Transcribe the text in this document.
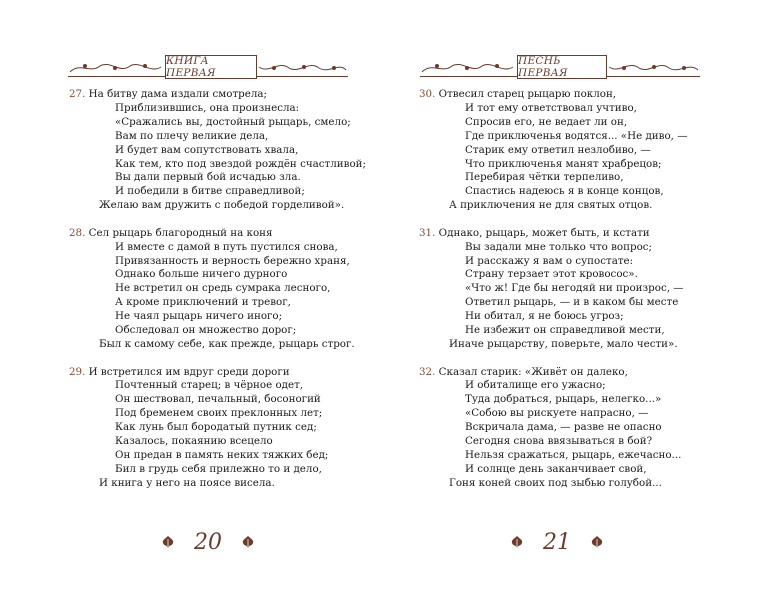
КНИГА ПЕРВАЯ
27. На битву дама издали смотрела;
Приблизившись, она произнесла:
«Сражались вы, достойный рыцарь, смело;
Вам по плечу великие дела,
И будет вам сопутствовать хвала,
Как тем, кто под звездой рождён счастливой;
Вы дали первый бой исчадью зла.
И победили в битве справедливой;
Желаю вам дружить с победой горделивой».
28. Сел рыцарь благородный на коня
И вместе с дамой в путь пустился снова,
Привязанность и верность бережно храня,
Однако больше ничего дурного
Не встретил он средь сумрака лесного,
А кроме приключений и тревог,
Не чаял рыцарь ничего иного;
Обследовал он множество дорог;
Был к самому себе, как прежде, рыцарь строг.
29. И встретился им вдруг среди дороги
Почтенный старец; в чёрное одет,
Он шествовал, печальный, босоногий
Под бременем своих преклонных лет;
Как лунь был бородатый путник сед;
Казалось, покаянию всецело
Он предан в память неких тяжких бед;
Бил в грудь себя прилежно то и дело,
И книга у него на поясе висела.
20
ПЕСНЬ ПЕРВАЯ
30. Отвесил старец рыцарю поклон,
И тот ему ответствовал учтиво,
Спросив его, не ведает ли он,
Где приключенья водятся... «Не диво, —
Старик ему ответил незлобиво, —
Что приключенья манят храбрецов;
Перебирая чётки терпеливо,
Спастись надеюсь я в конце концов,
А приключения не для святых отцов.
31. Однако, рыцарь, может быть, и кстати
Вы задали мне только что вопрос;
И расскажу я вам о супостате:
Страну терзает этот кровосос».
«Что ж! Где бы негодяй ни произрос, —
Ответил рыцарь, — и в каком бы месте
Ни обитал, я не боюсь угроз;
Не избежит он справедливой мести,
Иначе рыцарству, поверьте, мало чести».
32. Сказал старик: «Живёт он далеко,
И обиталище его ужасно;
Туда добраться, рыцарь, нелегко...»
«Собою вы рискуете напрасно, —
Вскричала дама, — разве не опасно
Сегодня снова ввязываться в бой?
Нельзя сражаться, рыцарь, ежечасно...
И солнце день заканчивает свой,
Гоня коней своих под зыбью голубой...
21
